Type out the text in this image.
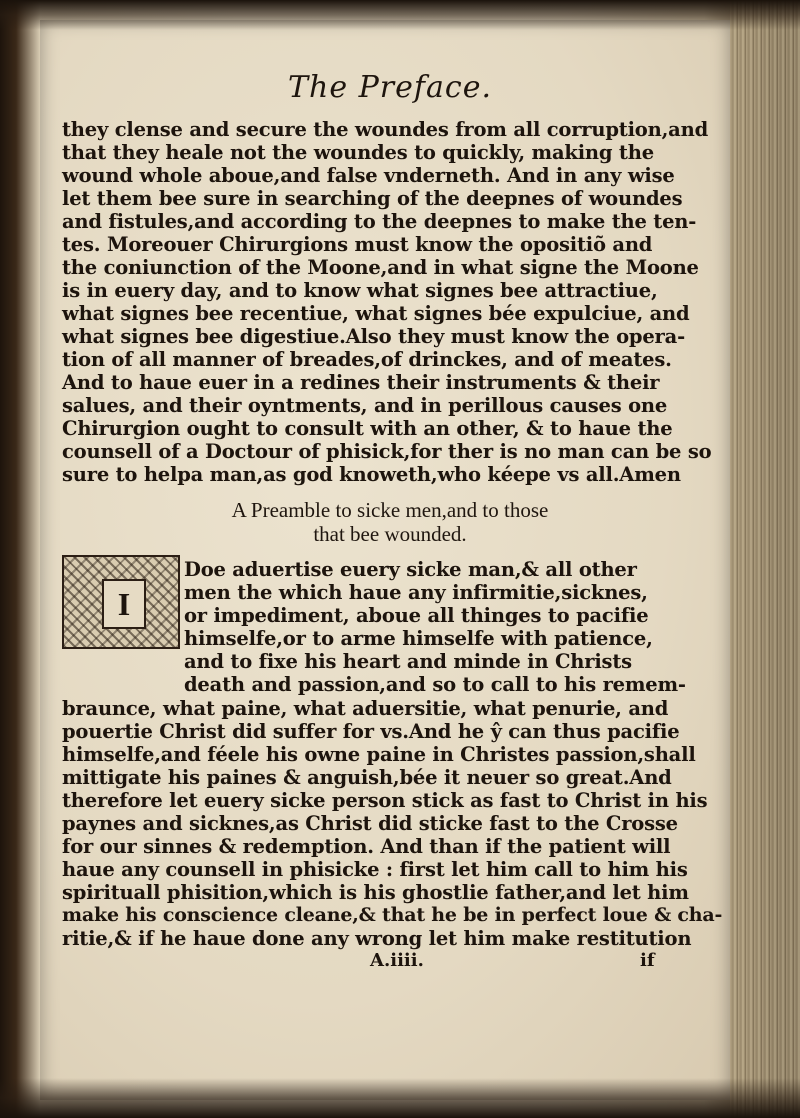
The Preface.
they clense and secure the woundes from all corruption,and
that they heale not the woundes to quickly, making the
wound whole aboue,and false vnderneth. And in any wise
let them bee sure in searching of the deepnes of woundes
and fistules,and according to the deepnes to make the ten-
tes. Moreouer Chirurgions must know the opositiõ and
the coniunction of the Moone,and in what signe the Moone
is in euery day, and to know what signes bee attractiue,
what signes bee recentiue, what signes bée expulciue, and
what signes bee digestiue.Also they must know the opera-
tion of all manner of breades,of drinckes, and of meates.
And to haue euer in a redines their instruments & their
salues, and their oyntments, and in perillous causes one
Chirurgion ought to consult with an other, & to haue the
counsell of a Doctour of phisick,for ther is no man can be so
sure to helpa man,as god knoweth,who kéepe vs all.Amen
A Preamble to sicke men,and to those
that bee wounded.
I
Doe aduertise euery sicke man,& all other
men the which haue any infirmitie,sicknes,
or impediment, aboue all thinges to pacifie
himselfe,or to arme himselfe with patience,
and to fixe his heart and minde in Christs
death and passion,and so to call to his remem-
braunce, what paine, what aduersitie, what penurie, and
pouertie Christ did suffer for vs.And he ŷ can thus pacifie
himselfe,and féele his owne paine in Christes passion,shall
mittigate his paines & anguish,bée it neuer so great.And
therefore let euery sicke person stick as fast to Christ in his
paynes and sicknes,as Christ did sticke fast to the Crosse
for our sinnes & redemption. And than if the patient will
haue any counsell in phisicke : first let him call to him his
spirituall phisition,which is his ghostlie father,and let him
make his conscience cleane,& that he be in perfect loue & cha-
ritie,& if he haue done any wrong let him make restitution
A.iiii.	if
